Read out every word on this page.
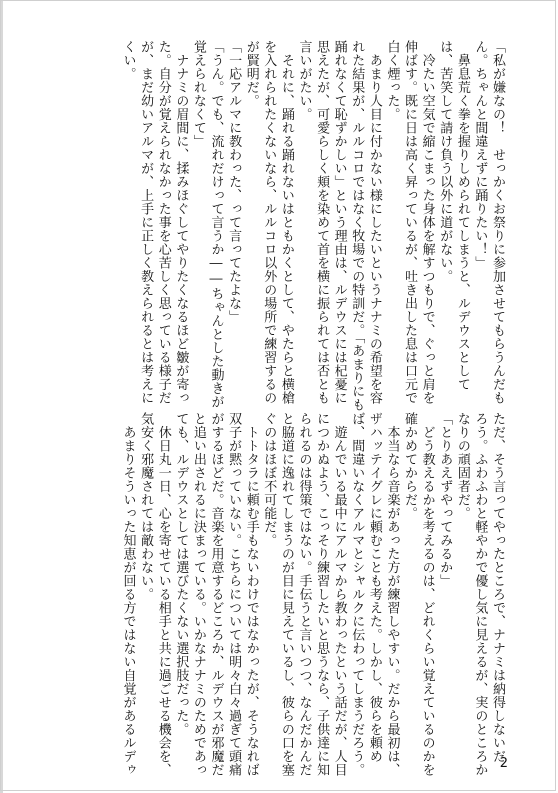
「私が嫌なの！　せっかくお祭りに参加させてもらうんだも
ん。ちゃんと間違えずに踊りたい！」
　鼻息荒く拳を握りしめられてしまうと、ルデウスとして
は、苦笑して請け負う以外に道がない。
　冷たい空気で縮こまった身体を解すつもりで、ぐっと肩を
伸ばす。既に日は高く昇っているが、吐き出した息は口元で
白く煙った。
　あまり人目に付かない様にしたいというナナミの希望を容
れた結果が、ルルコロではなく牧場での特訓だ。「あまりにも
踊れなくて恥ずかしい」という理由は、ルデウスには杞憂に
思えたが、可愛らしく頬を染めて首を横に振られては否とも
言いがたい。
　それに、踊れる踊れないはともかくとして、やたらと横槍
を入れられたくないなら、ルルコロ以外の場所で練習するの
が賢明だ。
「一応アルマに教わった、って言ってたよな」
「うん。でも、流れだけって言うか――ちゃんとした動きが
覚えられなくて」
　ナナミの眉間に、揉みほぐしてやりたくなるほど皺が寄っ
た。自分が覚えられなかった事を心苦しく思っている様子だ
が、まだ幼いアルマが、上手に正しく教えられるとは考えに
くい。
ただ、そう言ってやったところで、ナナミは納得しないだ
ろう。ふわふわと軽やかで優し気に見えるが、実のところか
なりの頑固者だ。
「とりあえずやってみるか」
　どう教えるかを考えるのは、どれくらい覚えているのかを
確かめてからだ。
　本当なら音楽があった方が練習しやすい。だから最初は、
ザハッテイグレに頼むことも考えた。しかし、彼らを頼め
ば、間違いなくアルマとシャルクに伝わってしまうだろう。
　遊んでいる最中にアルマから教わったという話だが、人目
につかぬよう、こっそり練習したいと思うなら、子供達に知
られるのは得策ではない。手伝うと言いつつ、なんだかんだ
と脇道に逸れてしまうのが目に見えているし、彼らの口を塞
ぐのはほぼ不可能だ。
　トトタラに頼む手もないわけではなかったが、そうなれば
双子が黙っていない。こちらについては明々白々過ぎて頭痛
がするほどだ。音楽を用意するどころか、ルデウスが邪魔だ
と追い出されるに決まっている。いかなナナミのためであっ
ても、ルデウスとしては選びたくない選択肢だった。
　休日丸一日、心を寄せている相手と共に過ごせる機会を、
気安く邪魔されては敵わない。
　あまりそういった知恵が回る方ではない自覚があるルデゥ	2
